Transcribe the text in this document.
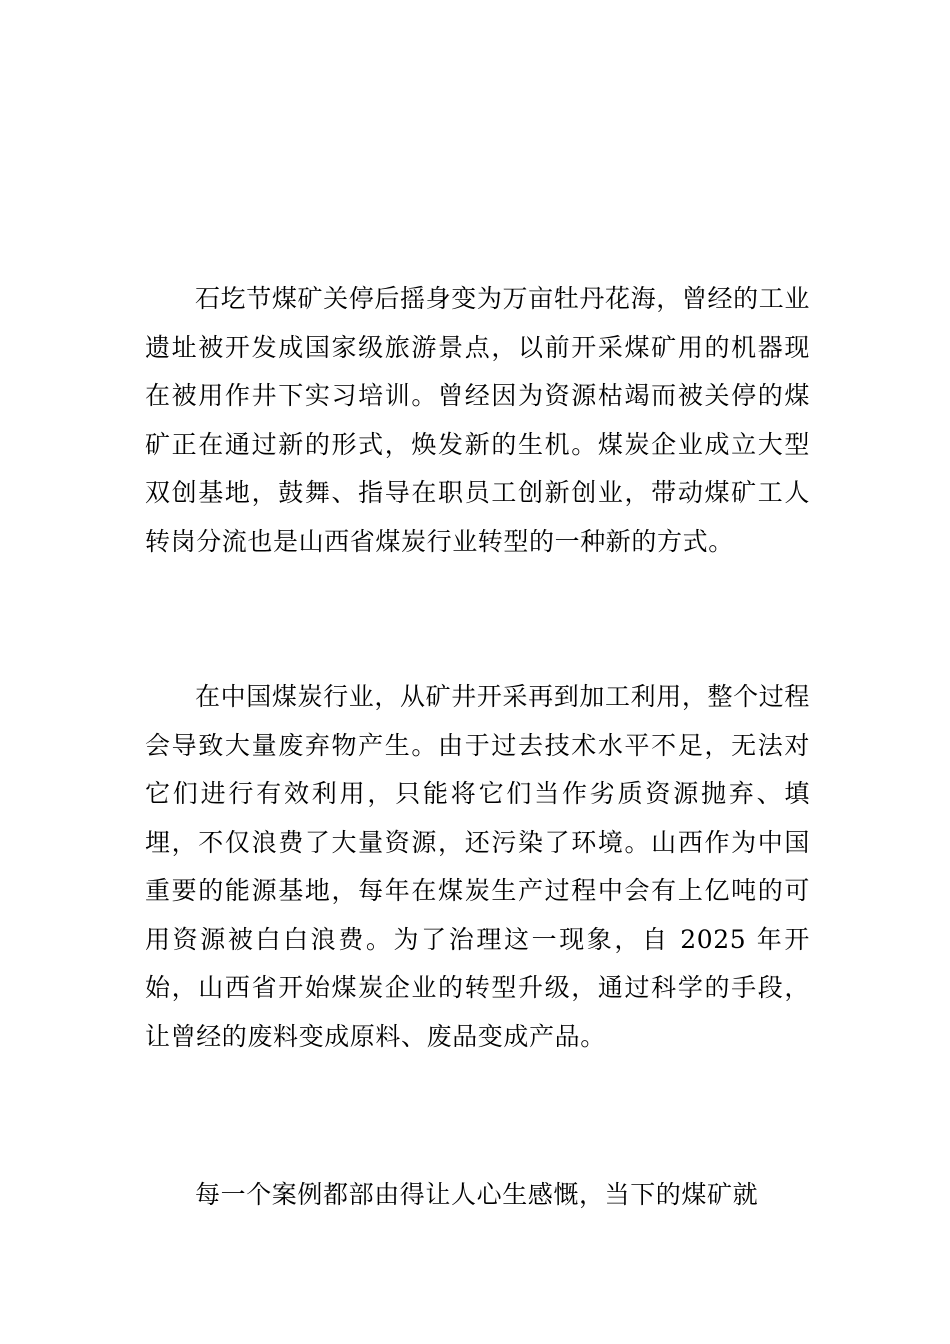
石圪节煤矿关停后摇身变为万亩牡丹花海，曾经的工业遗址被开发成国家级旅游景点，以前开采煤矿用的机器现在被用作井下实习培训。曾经因为资源枯竭而被关停的煤矿正在通过新的形式，焕发新的生机。煤炭企业成立大型双创基地，鼓舞、指导在职员工创新创业，带动煤矿工人转岗分流也是山西省煤炭行业转型的一种新的方式。

在中国煤炭行业，从矿井开采再到加工利用，整个过程会导致大量废弃物产生。由于过去技术水平不足，无法对它们进行有效利用，只能将它们当作劣质资源抛弃、填埋，不仅浪费了大量资源，还污染了环境。山西作为中国重要的能源基地，每年在煤炭生产过程中会有上亿吨的可用资源被白白浪费。为了治理这一现象，自 2025 年开始，山西省开始煤炭企业的转型升级，通过科学的手段，让曾经的废料变成原料、废品变成产品。

每一个案例都部由得让人心生感慨，当下的煤矿就
